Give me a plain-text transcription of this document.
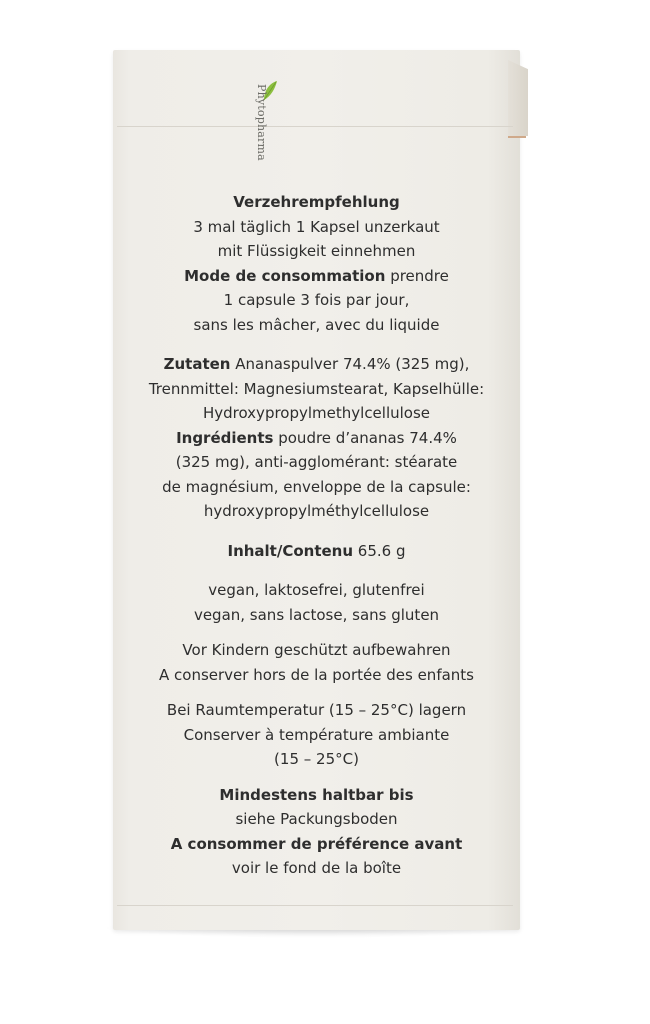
Phytopharma
Verzehrempfehlung
3 mal täglich 1 Kapsel unzerkaut
mit Flüssigkeit einnehmen
Mode de consommation prendre
1 capsule 3 fois par jour,
sans les mâcher, avec du liquide
Zutaten Ananaspulver 74.4% (325 mg),
Trennmittel: Magnesiumstearat, Kapselhülle:
Hydroxypropylmethylcellulose
Ingrédients poudre d’ananas 74.4%
(325 mg), anti-agglomérant: stéarate
de magnésium, enveloppe de la capsule:
hydroxypropylméthylcellulose
Inhalt/Contenu 65.6 g
vegan, laktosefrei, glutenfrei
vegan, sans lactose, sans gluten
Vor Kindern geschützt aufbewahren
A conserver hors de la portée des enfants
Bei Raumtemperatur (15 – 25°C) lagern
Conserver à température ambiante
(15 – 25°C)
Mindestens haltbar bis
siehe Packungsboden
A consommer de préférence avant
voir le fond de la boîte
